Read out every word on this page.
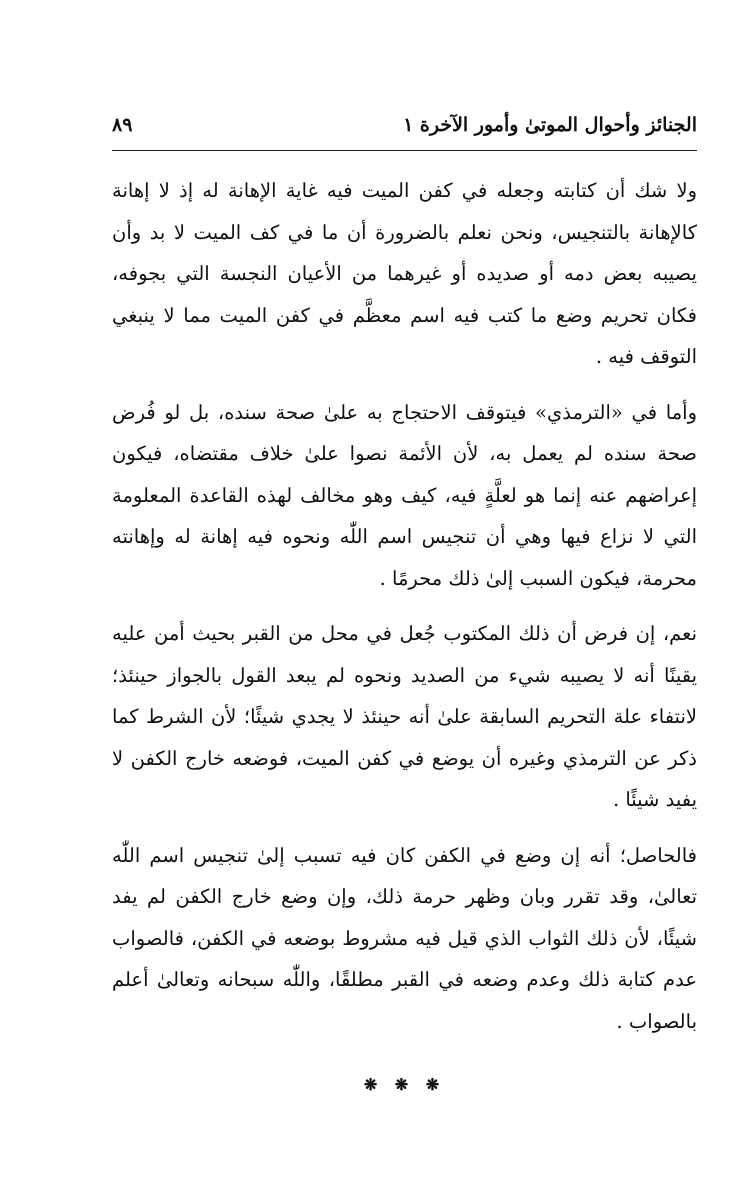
الجنائز وأحوال الموتىٰ وأمور الآخرة ١
٨٩

ولا شك أن كتابته وجعله في كفن الميت فيه غاية الإهانة له إذ لا إهانة كالإهانة بالتنجيس، ونحن نعلم بالضرورة أن ما في كف الميت لا بد وأن يصيبه بعض دمه أو صديده أو غيرهما من الأعيان النجسة التي بجوفه، فكان تحريم وضع ما كتب فيه اسم معظَّم في كفن الميت مما لا ينبغي التوقف فيه .

وأما في «الترمذي» فيتوقف الاحتجاج به علىٰ صحة سنده، بل لو فُرض صحة سنده لم يعمل به، لأن الأئمة نصوا علىٰ خلاف مقتضاه، فيكون إعراضهم عنه إنما هو لعلَّةٍ فيه، كيف وهو مخالف لهذه القاعدة المعلومة التي لا نزاع فيها وهي أن تنجيس اسم اللّٰه ونحوه فيه إهانة له وإهانته محرمة، فيكون السبب إلىٰ ذلك محرمًا .

نعم، إن فرض أن ذلك المكتوب جُعل في محل من القبر بحيث أمن عليه يقينًا أنه لا يصيبه شيء من الصديد ونحوه لم يبعد القول بالجواز حينئذ؛ لانتفاء علة التحريم السابقة علىٰ أنه حينئذ لا يجدي شيئًا؛ لأن الشرط كما ذكر عن الترمذي وغيره أن يوضع في كفن الميت، فوضعه خارج الكفن لا يفيد شيئًا .

فالحاصل؛ أنه إن وضع في الكفن كان فيه تسبب إلىٰ تنجيس اسم اللّٰه تعالىٰ، وقد تقرر وبان وظهر حرمة ذلك، وإن وضع خارج الكفن لم يفد شيئًا، لأن ذلك الثواب الذي قيل فيه مشروط بوضعه في الكفن، فالصواب عدم كتابة ذلك وعدم وضعه في القبر مطلقًا، واللّٰه سبحانه وتعالىٰ أعلم بالصواب .

❋ ❋ ❋
